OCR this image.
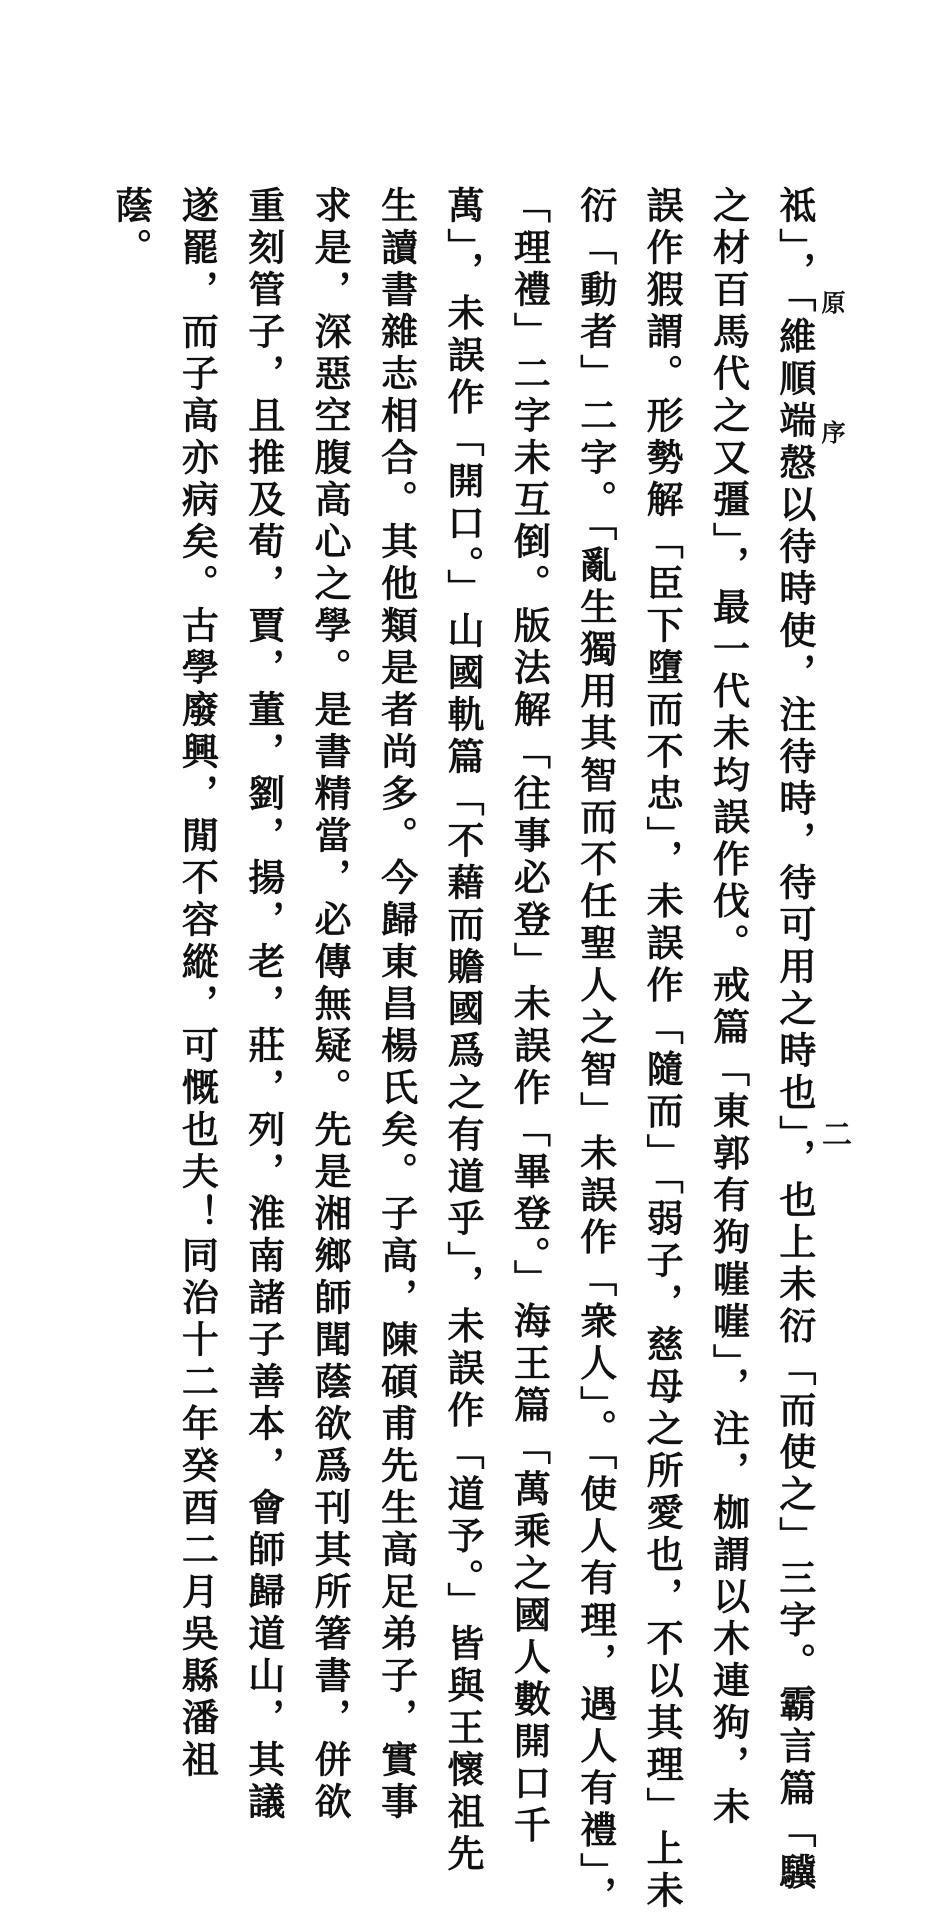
原序
二
祗」，「維順端慤以待時使，注待時，待可用之時也」，也上未衍「而使之」三字。霸言篇「驥
之材百馬代之又彊」，最一代未均誤作伐。戒篇「東郭有狗嘊嘊」，注，枷謂以木連狗，未
誤作猳謂。形勢解「臣下墮而不忠」，未誤作「隨而」「弱子，慈母之所愛也，不以其理」上未
衍「動者」二字。「亂生獨用其智而不任聖人之智」未誤作「衆人」。「使人有理，遇人有禮」，
「理禮」二字未互倒。版法解「往事必登」未誤作「畢登。」海王篇「萬乘之國人數開口千
萬」，未誤作「開口。」山國軌篇「不藉而贍國爲之有道乎」，未誤作「道予。」皆與王懷祖先
生讀書雜志相合。其他類是者尚多。今歸東昌楊氏矣。子高，陳碩甫先生高足弟子，實事
求是，深惡空腹高心之學。是書精當，必傳無疑。先是湘鄉師聞蔭欲爲刊其所箸書，併欲
重刻管子，且推及荀，賈，董，劉，揚，老，莊，列，淮南諸子善本，會師歸道山，其議
遂罷，而子高亦病矣。古學廢興，閒不容縱，可慨也夫！同治十二年癸酉二月吳縣潘祖
蔭。
